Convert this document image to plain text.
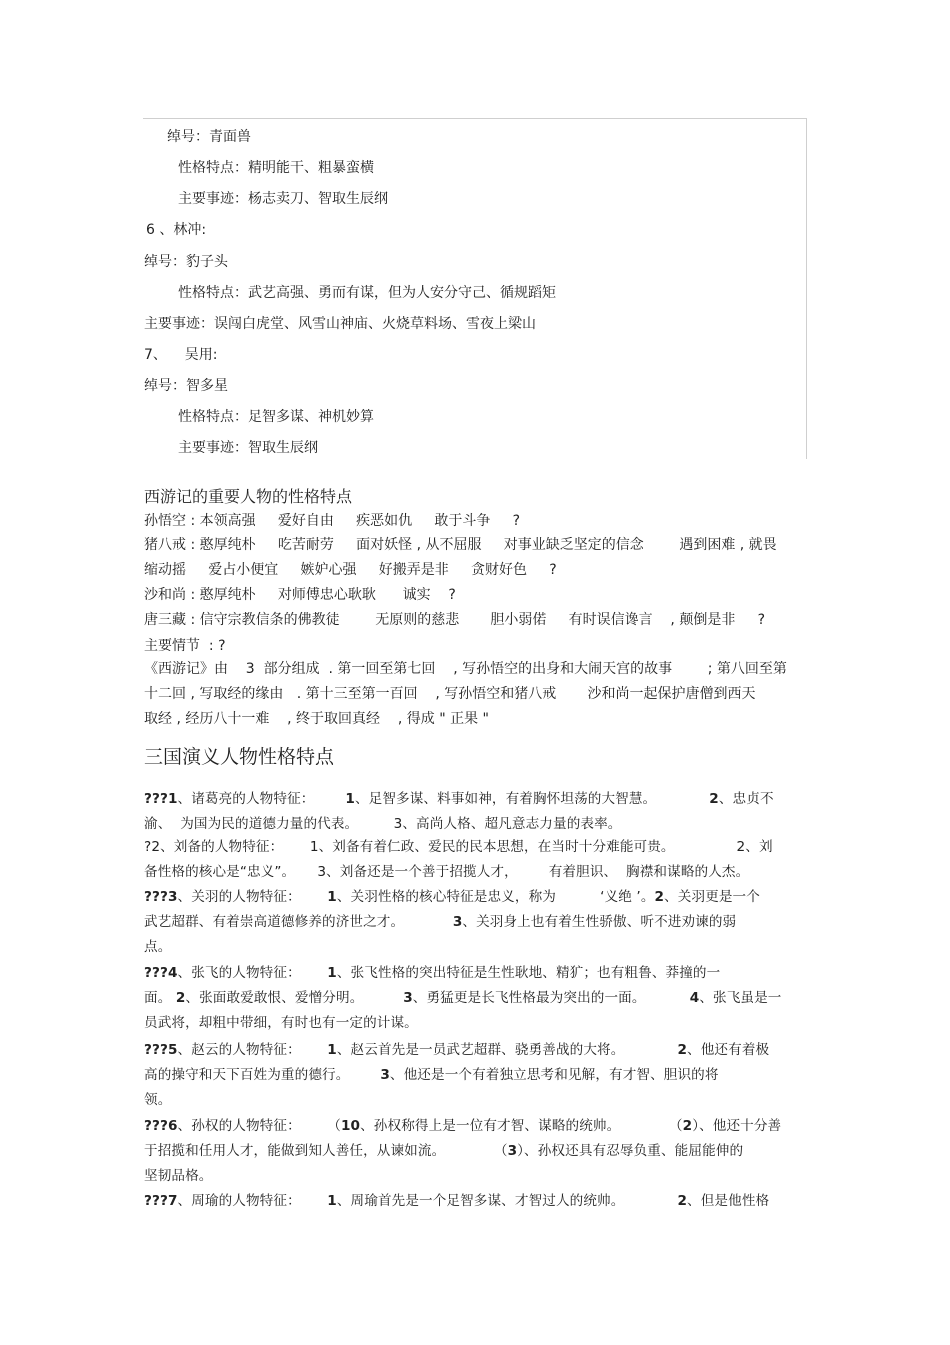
绰号：青面兽
性格特点：精明能干、粗暴蛮横
主要事迹：杨志卖刀、智取生辰纲
6 、林冲:
绰号：豹子头
性格特点：武艺高强、勇而有谋，但为人安分守己、循规蹈矩
主要事迹：误闯白虎堂、风雪山神庙、火烧草料场、雪夜上梁山
7、    吴用:
绰号：智多星
性格特点：足智多谋、神机妙算
主要事迹：智取生辰纲
西游记的重要人物的性格特点
孙悟空 : 本领高强     爱好自由     疾恶如仇     敢于斗争     ?
猪八戒 : 憨厚纯朴     吃苦耐劳     面对妖怪 , 从不屈服     对事业缺乏坚定的信念        遇到困难 , 就畏
缩动摇     爱占小便宜     嫉妒心强     好搬弄是非     贪财好色     ?
沙和尚 : 憨厚纯朴     对师傅忠心耿耿      诚实    ?
唐三藏 : 信守宗教信条的佛教徒        无原则的慈悲       胆小弱偌     有时误信谗言    , 颠倒是非     ?
主要情节  : ?
《西游记》由    3  部分组成  . 第一回至第七回    , 写孙悟空的出身和大闹天宫的故事        ; 第八回至第
十二回 , 写取经的缘由   . 第十三至第一百回    , 写孙悟空和猪八戒       沙和尚一起保护唐僧到西天
取经 , 经历八十一难    , 终于取回真经    , 得成 " 正果 "
三国演义人物性格特点
???1、诸葛亮的人物特征：       1、足智多谋、料事如神，有着胸怀坦荡的大智慧。            2、忠贞不
渝、  为国为民的道德力量的代表。        3、高尚人格、超凡意志力量的表率。
?2、刘备的人物特征：      1、刘备有着仁政、爱民的民本思想，在当时十分难能可贵。              2、刘
备性格的核心是“忠义”。     3、刘备还是一个善于招揽人才，       有着胆识、  胸襟和谋略的人杰。
???3、关羽的人物特征：      1、关羽性格的核心特征是忠义，称为          ‘义绝 ’。2、关羽更是一个
武艺超群、有着崇高道德修养的济世之才。           3、关羽身上也有着生性骄傲、听不进劝谏的弱
点。
???4、张飞的人物特征：      1、张飞性格的突出特征是生性耿地、精犷；也有粗鲁、莽撞的一
面。 2、张面敢爱敢恨、爱憎分明。         3、勇猛更是长飞性格最为突出的一面。          4、张飞虽是一
员武将，却粗中带细，有时也有一定的计谋。
???5、赵云的人物特征：      1、赵云首先是一员武艺超群、骁勇善战的大将。            2、他还有着极
高的操守和天下百姓为重的德行。       3、他还是一个有着独立思考和见解，有才智、胆识的将
领。
???6、孙权的人物特征：      （10、孙权称得上是一位有才智、谋略的统帅。           （2）、他还十分善
于招揽和任用人才，能做到知人善任，从谏如流。           （3）、孙权还具有忍辱负重、能屈能伸的
坚韧品格。
???7、周瑜的人物特征：      1、周瑜首先是一个足智多谋、才智过人的统帅。            2、但是他性格
